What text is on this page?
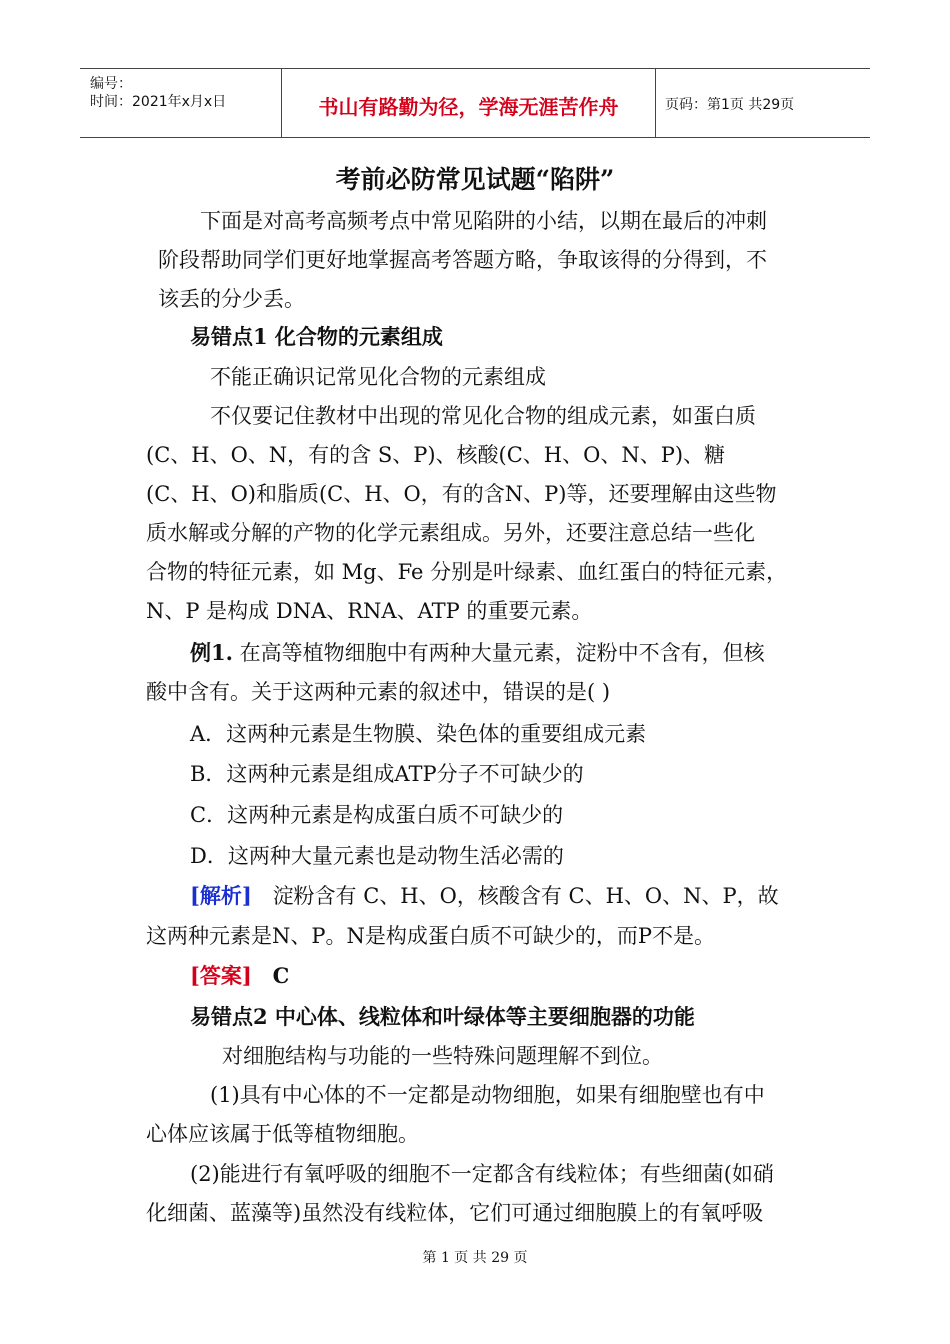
编号：
时间：2021年x月x日	书山有路勤为径，学海无涯苦作舟	页码：第1页 共29页
考前必防常见试题“陷阱”
下面是对高考高频考点中常见陷阱的小结，以期在最后的冲刺
阶段帮助同学们更好地掌握高考答题方略，争取该得的分得到，不
该丢的分少丢。
易错点1 化合物的元素组成
不能正确识记常见化合物的元素组成
不仅要记住教材中出现的常见化合物的组成元素，如蛋白质
(C、H、O、N，有的含 S、P)、核酸(C、H、O、N、P)、糖
(C、H、O)和脂质(C、H、O，有的含N、P)等，还要理解由这些物
质水解或分解的产物的化学元素组成。另外，还要注意总结一些化
合物的特征元素，如 Mg、Fe 分别是叶绿素、血红蛋白的特征元素，
N、P 是构成 DNA、RNA、ATP 的重要元素。
例1. 在高等植物细胞中有两种大量元素，淀粉中不含有，但核
酸中含有。关于这两种元素的叙述中，错误的是( )
A．这两种元素是生物膜、染色体的重要组成元素
B．这两种元素是组成ATP分子不可缺少的
C．这两种元素是构成蛋白质不可缺少的
D．这两种大量元素也是动物生活必需的
[解析] 淀粉含有 C、H、O，核酸含有 C、H、O、N、P，故
这两种元素是N、P。N是构成蛋白质不可缺少的，而P不是。
[答案] C
易错点2 中心体、线粒体和叶绿体等主要细胞器的功能
对细胞结构与功能的一些特殊问题理解不到位。
(1)具有中心体的不一定都是动物细胞，如果有细胞壁也有中
心体应该属于低等植物细胞。
(2)能进行有氧呼吸的细胞不一定都含有线粒体；有些细菌(如硝
化细菌、蓝藻等)虽然没有线粒体，它们可通过细胞膜上的有氧呼吸
第 1 页 共 29 页
